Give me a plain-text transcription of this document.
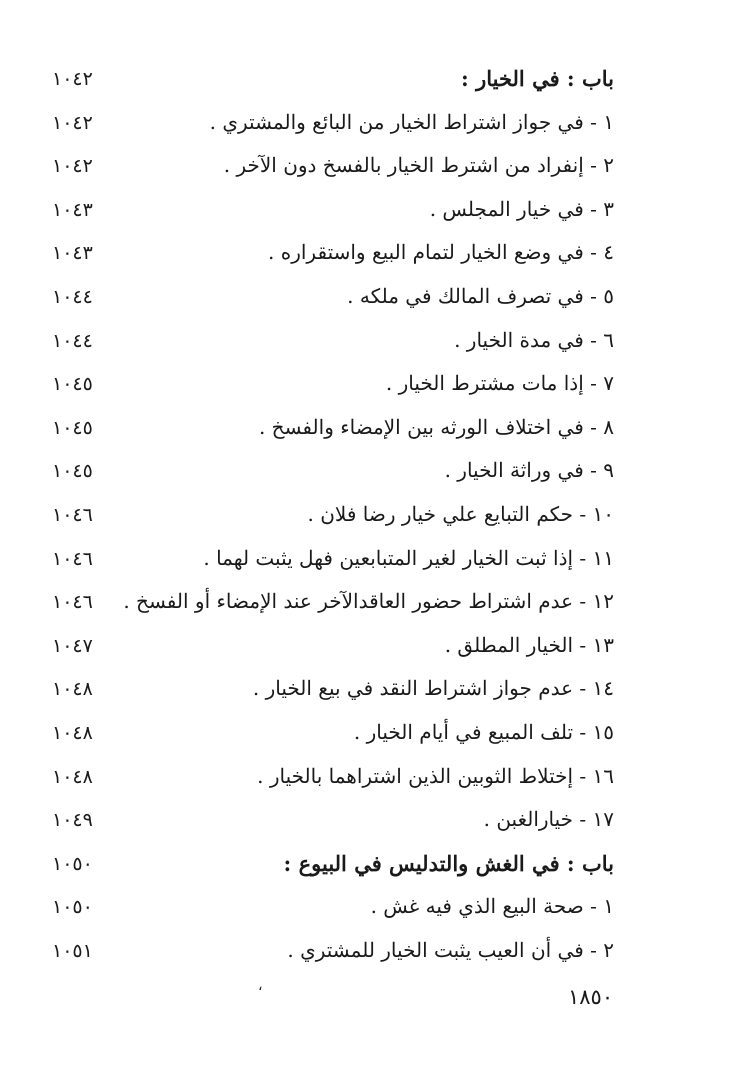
باب : في الخيار :
١٠٤٢
١ - في جواز اشتراط الخيار من البائع والمشتري .
١٠٤٢
٢ - إنفراد من اشترط الخيار بالفسخ دون الآخر .
١٠٤٢
٣ - في خيار المجلس .
١٠٤٣
٤ - في وضع الخيار لتمام البيع واستقراره .
١٠٤٣
٥ - في تصرف المالك في ملكه .
١٠٤٤
٦ - في مدة الخيار .
١٠٤٤
٧ - إذا مات مشترط الخيار .
١٠٤٥
٨ - في اختلاف الورثه بين الإمضاء والفسخ .
١٠٤٥
٩ - في وراثة الخيار .
١٠٤٥
١٠ - حكم التبايع علي خيار رضا فلان .
١٠٤٦
١١ - إذا ثبت الخيار لغير المتبابعين فهل يثبت لهما .
١٠٤٦
١٢ - عدم اشتراط حضور العاقدالآخر عند الإمضاء أو الفسخ .
١٠٤٦
١٣ - الخيار المطلق .
١٠٤٧
١٤ - عدم جواز اشتراط النقد في بيع الخيار .
١٠٤٨
١٥ - تلف المبيع في أيام الخيار .
١٠٤٨
١٦ - إختلاط الثوبين الذين اشتراهما بالخيار .
١٠٤٨
١٧ - خيارالغبن .
١٠٤٩
باب : في الغش والتدليس في البيوع :
١٠٥٠
١ - صحة البيع الذي فيه غش .
١٠٥٠
٢ - في أن العيب يثبت الخيار للمشتري .
١٠٥١
١٨٥٠
،
